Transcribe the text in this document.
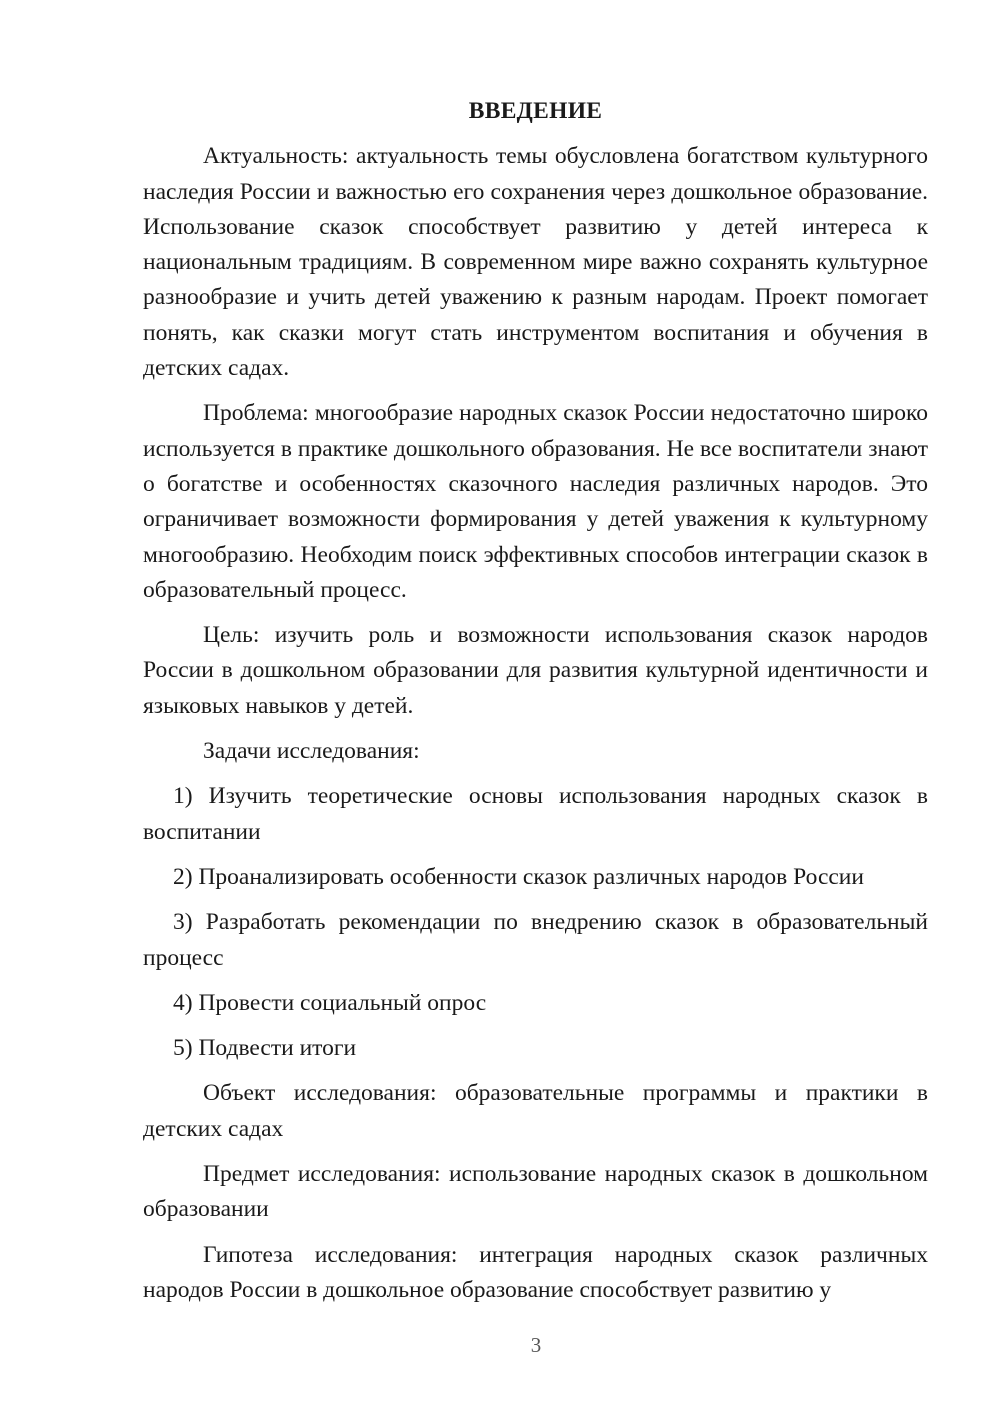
ВВЕДЕНИЕ

Актуальность: актуальность темы обусловлена богатством культурного наследия России и важностью его сохранения через дошкольное образование. Использование сказок способствует развитию у детей интереса к национальным традициям. В современном мире важно сохранять культурное разнообразие и учить детей уважению к разным народам. Проект помогает понять, как сказки могут стать инструментом воспитания и обучения в детских садах.

Проблема: многообразие народных сказок России недостаточно широко используется в практике дошкольного образования. Не все воспитатели знают о богатстве и особенностях сказочного наследия различных народов. Это ограничивает возможности формирования у детей уважения к культурному многообразию. Необходим поиск эффективных способов интеграции сказок в образовательный процесс.

Цель: изучить роль и возможности использования сказок народов России в дошкольном образовании для развития культурной идентичности и языковых навыков у детей.

Задачи исследования:

1) Изучить теоретические основы использования народных сказок в воспитании
2) Проанализировать особенности сказок различных народов России
3) Разработать рекомендации по внедрению сказок в образовательный процесс
4) Провести социальный опрос
5) Подвести итоги

Объект исследования: образовательные программы и практики в детских садах

Предмет исследования: использование народных сказок в дошкольном образовании

Гипотеза исследования: интеграция народных сказок различных народов России в дошкольное образование способствует развитию у

3
